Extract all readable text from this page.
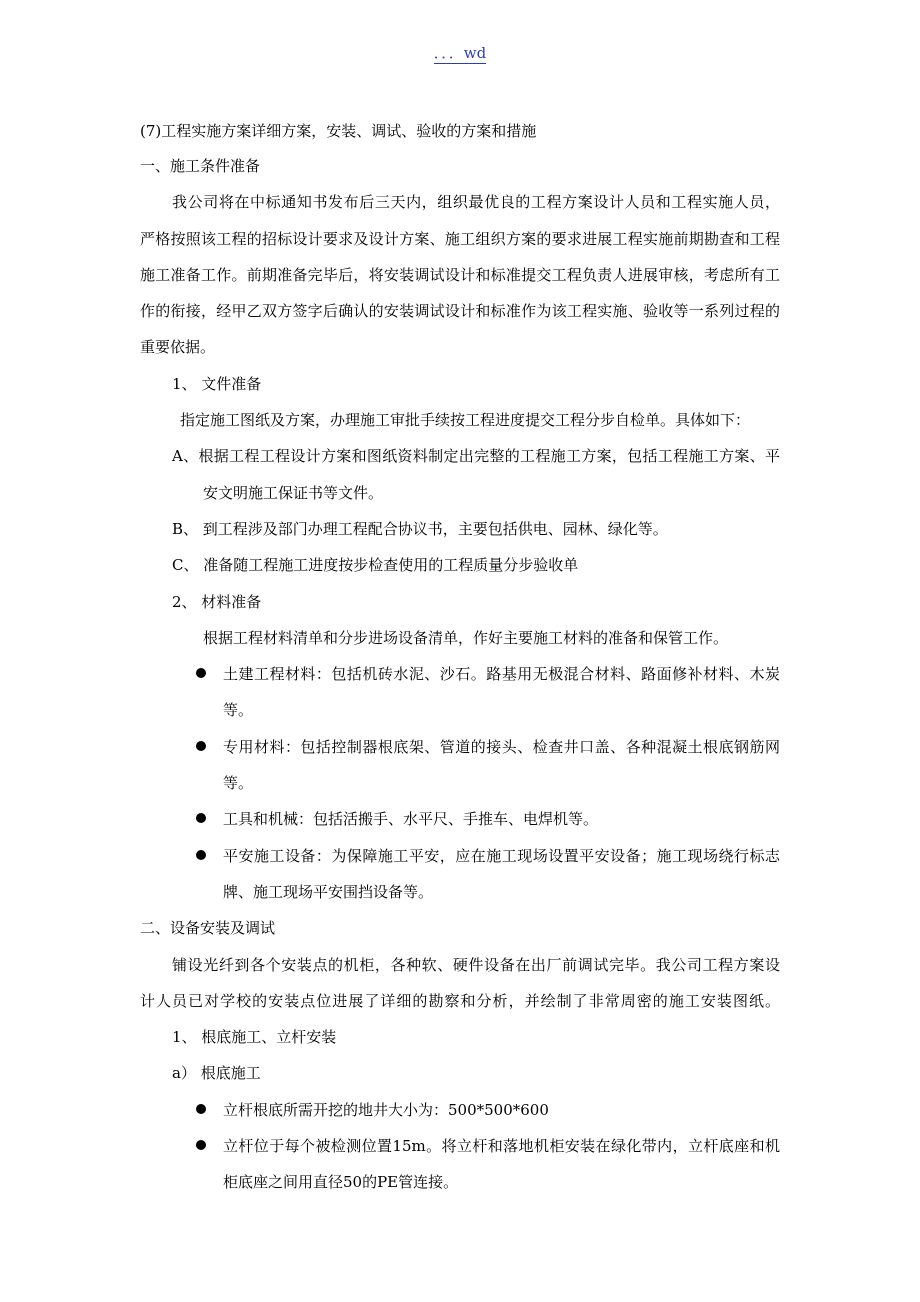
．．．wd
(7)工程实施方案详细方案，安装、调试、验收的方案和措施
一、施工条件准备
我公司将在中标通知书发布后三天内，组织最优良的工程方案设计人员和工程实施人员，
严格按照该工程的招标设计要求及设计方案、施工组织方案的要求进展工程实施前期勘查和工程
施工准备工作。前期准备完毕后，将安装调试设计和标准提交工程负责人进展审核，考虑所有工
作的衔接，经甲乙双方签字后确认的安装调试设计和标准作为该工程实施、验收等一系列过程的
重要依据。
1、 文件准备
指定施工图纸及方案，办理施工审批手续按工程进度提交工程分步自检单。具体如下：
A、根据工程工程设计方案和图纸资料制定出完整的工程施工方案，包括工程施工方案、平
安文明施工保证书等文件。
B、 到工程涉及部门办理工程配合协议书，主要包括供电、园林、绿化等。
C、 准备随工程施工进度按步检查使用的工程质量分步验收单
2、 材料准备
根据工程材料清单和分步进场设备清单，作好主要施工材料的准备和保管工作。
土建工程材料：包括机砖水泥、沙石。路基用无极混合材料、路面修补材料、木炭
等。
专用材料：包括控制器根底架、管道的接头、检查井口盖、各种混凝土根底钢筋网
等。
工具和机械：包括活搬手、水平尺、手推车、电焊机等。
平安施工设备：为保障施工平安，应在施工现场设置平安设备；施工现场绕行标志
牌、施工现场平安围挡设备等。
二、设备安装及调试
铺设光纤到各个安装点的机柜，各种软、硬件设备在出厂前调试完毕。我公司工程方案设
计人员已对学校的安装点位进展了详细的勘察和分析，并绘制了非常周密的施工安装图纸。
1、 根底施工、立杆安装
a） 根底施工
立杆根底所需开挖的地井大小为：500*500*600
立杆位于每个被检测位置15m。将立杆和落地机柜安装在绿化带内，立杆底座和机
柜底座之间用直径50的PE管连接。
